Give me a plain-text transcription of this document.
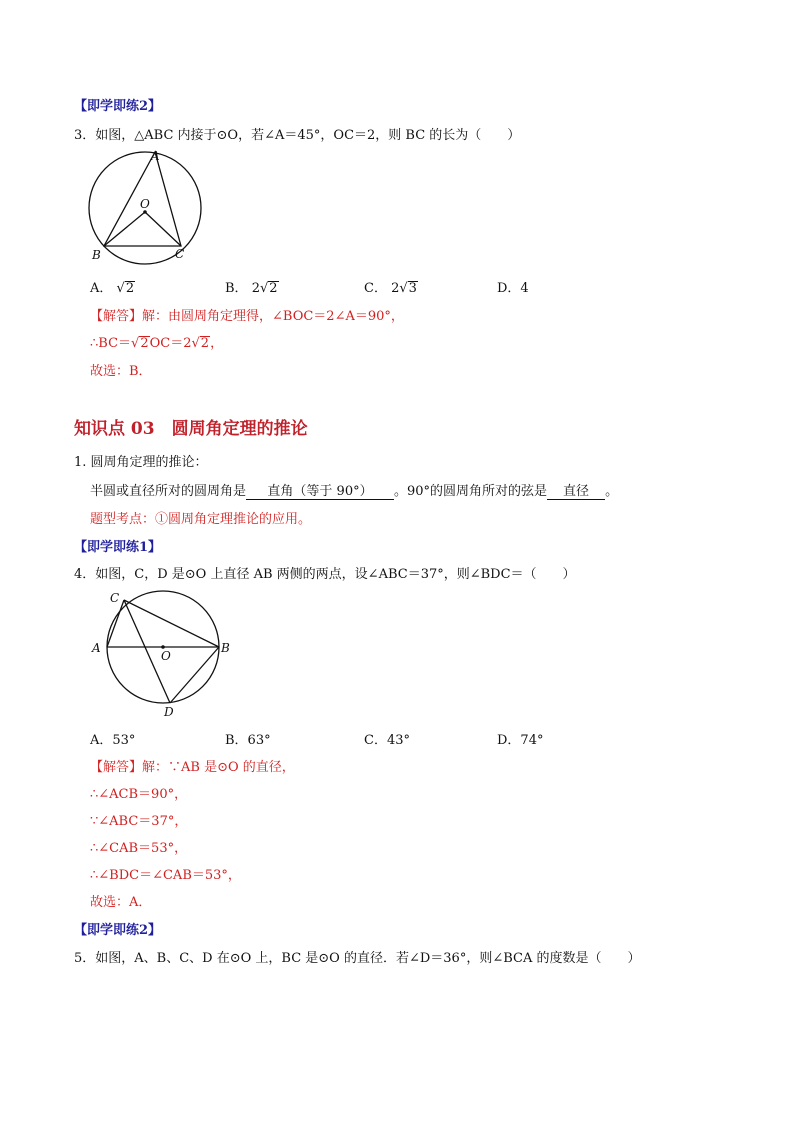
【即学即练2】
3．如图，△ABC 内接于⊙O，若∠A＝45°，OC＝2，则 BC 的长为（　　）
A
O
B	C
A． √2	B． 2√2	C． 2√3	D．4
【解答】解：由圆周角定理得，∠BOC＝2∠A＝90°，
∴BC＝√2OC＝2√2，
故选：B．
知识点 03　圆周角定理的推论
1. 圆周角定理的推论：
半圆或直径所对的圆周角是 直角（等于 90°） 。90°的圆周角所对的弦是 直径 。
题型考点：①圆周角定理推论的应用。
【即学即练1】
4．如图，C，D 是⊙O 上直径 AB 两侧的两点，设∠ABC＝37°，则∠BDC＝（　　）
C
A
O
B
D
A．53°	B．63°	C．43°	D．74°
【解答】解：∵AB 是⊙O 的直径，
∴∠ACB＝90°，
∵∠ABC＝37°，
∴∠CAB＝53°，
∴∠BDC＝∠CAB＝53°，
故选：A．
【即学即练2】
5．如图，A、B、C、D 在⊙O 上，BC 是⊙O 的直径．若∠D＝36°，则∠BCA 的度数是（　　）
